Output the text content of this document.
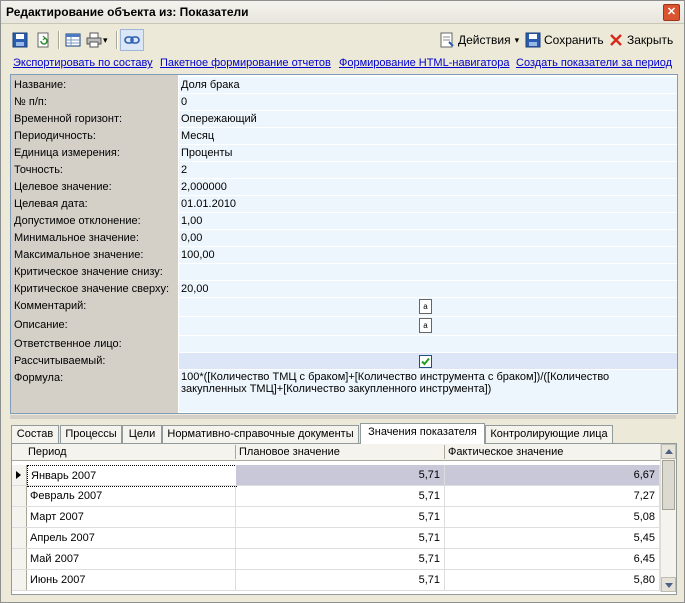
Редактирование объекта из: Показатели	✕
▾	Действия ▾ Сохранить Закрыть
Экспортировать по составу Пакетное формирование отчетов Формирование HTML-навигатора Создать показатели за период
Название:	Доля брака
№ п/п:	0
Временной горизонт:	Опережающий
Периодичность:	Месяц
Единица измерения:	Проценты
Точность:	2
Целевое значение:	2,000000
Целевая дата:	01.01.2010
Допустимое отклонение:	1,00
Минимальное значение:	0,00
Максимальное значение:	100,00
Критическое значение снизу:
Критическое значение сверху: 20,00
Комментарий:	a
Описание:	a
Ответственное лицо:
Рассчитываемый:
Формула:	100*([Количество ТМЦ с браком]+[Количество инструмента с браком])/([Количество закупленных ТМЦ]+[Количество закупленного инструмента])
Состав	Процессы	Цели	Нормативно-справочные документы	Значения показателя	Контролирующие лица
Период	Плановое значение	Фактическое значение
Январь 2007	5,71	6,67
Февраль 2007	5,71	7,27
Март 2007	5,71	5,08
Апрель 2007	5,71	5,45
Май 2007	5,71	6,45
Июнь 2007	5,71	5,80
